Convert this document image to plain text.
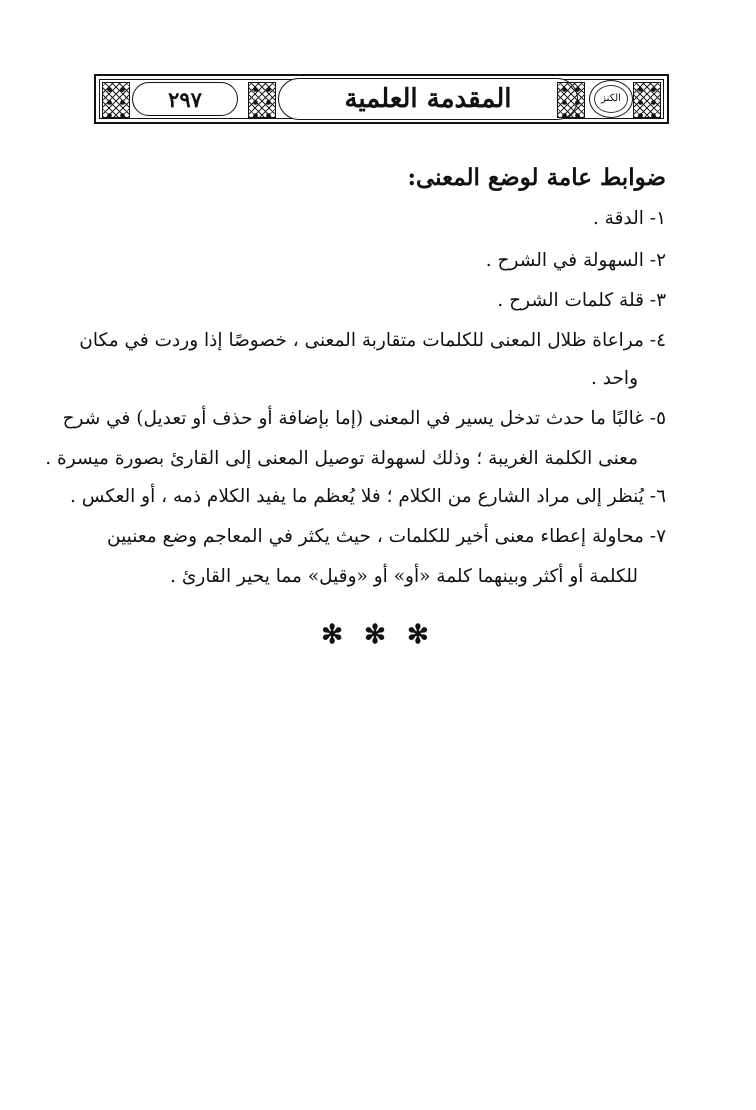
٢٩٧	المقدمة العلمية	الكنز
ضوابط عامة لوضع المعنى:
١- الدقة .
٢- السهولة في الشرح .
٣- قلة كلمات الشرح .
٤- مراعاة ظلال المعنى للكلمات متقاربة المعنى ، خصوصًا إذا وردت في مكان
واحد .
٥- غالبًا ما حدث تدخل يسير في المعنى (إما بإضافة أو حذف أو تعديل) في شرح
معنى الكلمة الغريبة ؛ وذلك لسهولة توصيل المعنى إلى القارئ بصورة ميسرة .
٦- يُنظر إلى مراد الشارع من الكلام ؛ فلا يُعظم ما يفيد الكلام ذمه ، أو العكس .
٧- محاولة إعطاء معنى أخير للكلمات ، حيث يكثر في المعاجم وضع معنيين
للكلمة أو أكثر وبينهما كلمة «أو» أو «وقيل» مما يحير القارئ .
✻ ✻ ✻
